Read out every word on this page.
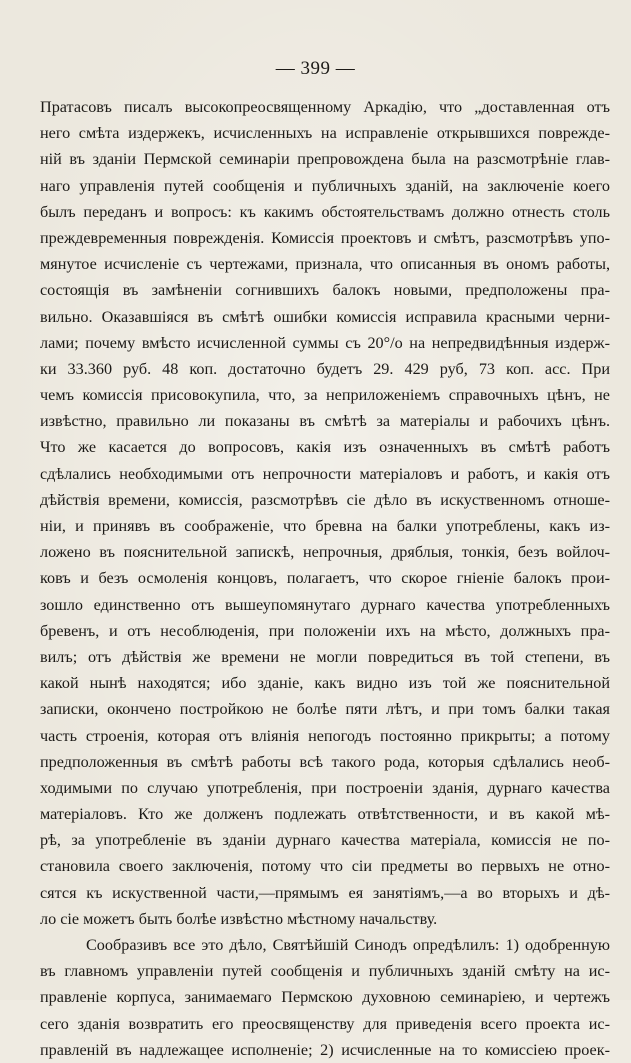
— 399 —
Пратасовъ писалъ высокопреосвященному Аркадію, что „доставленная отъ
него смѣта издержекъ, исчисленныхъ на исправленіе открывшихся поврежде-
ній въ зданіи Пермской семинаріи препровождена была на разсмотрѣніе глав-
наго управленія путей сообщенія и публичныхъ зданій, на заключеніе коего
былъ переданъ и вопросъ: къ какимъ обстоятельствамъ должно отнесть столь
преждевременныя поврежденія. Комиссія проектовъ и смѣтъ, разсмотрѣвъ упо-
мянутое исчисленіе съ чертежами, признала, что описанныя въ ономъ работы,
состоящія въ замѣненіи согнившихъ балокъ новыми, предположены пра-
вильно. Оказавшіяся въ смѣтѣ ошибки комиссія исправила красными черни-
лами; почему вмѣсто исчисленной суммы съ 20°/о на непредвидѣнныя издерж-
ки 33.360 руб. 48 коп. достаточно будетъ 29. 429 руб, 73 коп. асс. При
чемъ комиссія присовокупила, что, за неприложеніемъ справочныхъ цѣнъ, не
извѣстно, правильно ли показаны въ смѣтѣ за матеріалы и рабочихъ цѣнъ.
Что же касается до вопросовъ, какія изъ означенныхъ въ смѣтѣ работъ
сдѣлались необходимыми отъ непрочности матеріаловъ и работъ, и какія отъ
дѣйствія времени, комиссія, разсмотрѣвъ сіе дѣло въ искуственномъ отноше-
ніи, и принявъ въ соображеніе, что бревна на балки употреблены, какъ из-
ложено въ пояснительной запискѣ, непрочныя, дряблыя, тонкія, безъ войлоч-
ковъ и безъ осмоленія концовъ, полагаетъ, что скорое гніеніе балокъ прои-
зошло единственно отъ вышеупомянутаго дурнаго качества употребленныхъ
бревенъ, и отъ несоблюденія, при положеніи ихъ на мѣсто, должныхъ пра-
вилъ; отъ дѣйствія же времени не могли повредиться въ той степени, въ
какой нынѣ находятся; ибо зданіе, какъ видно изъ той же пояснительной
записки, окончено постройкою не болѣе пяти лѣтъ, и при томъ балки такая
часть строенія, которая отъ вліянія непогодъ постоянно прикрыты; а потому
предположенныя въ смѣтѣ работы всѣ такого рода, которыя сдѣлались необ-
ходимыми по случаю употребленія, при построеніи зданія, дурнаго качества
матеріаловъ. Кто же долженъ подлежать отвѣтственности, и въ какой мѣ-
рѣ, за употребленіе въ зданіи дурнаго качества матеріала, комиссія не по-
становила своего заключенія, потому что сіи предметы во первыхъ не отно-
сятся къ искуственной части,—прямымъ ея занятіямъ,—а во вторыхъ и дѣ-
ло сіе можетъ быть болѣе извѣстно мѣстному начальству.
Сообразивъ все это дѣло, Святѣйшій Синодъ опредѣлилъ: 1) одобренную
въ главномъ управленіи путей сообщенія и публичныхъ зданій смѣту на ис-
правленіе корпуса, занимаемаго Пермскою духовною семинаріею, и чертежъ
сего зданія возвратить его преосвященству для приведенія всего проекта ис-
правленій въ надлежащее исполненіе; 2) исчисленные на то комиссіею проек-
